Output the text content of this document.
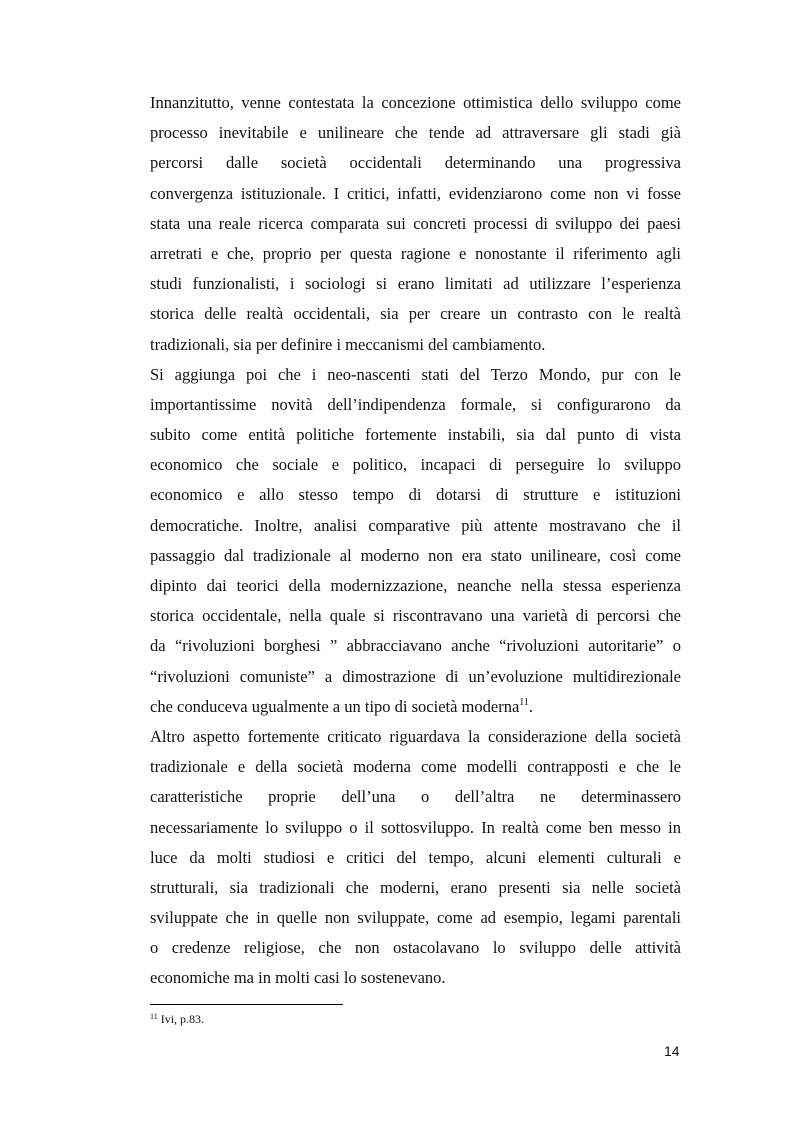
Innanzitutto, venne contestata la concezione ottimistica dello sviluppo come
processo inevitabile e unilineare che tende ad attraversare gli stadi già
percorsi dalle società occidentali determinando una progressiva
convergenza istituzionale. I critici, infatti, evidenziarono come non vi fosse
stata una reale ricerca comparata sui concreti processi di sviluppo dei paesi
arretrati e che, proprio per questa ragione e nonostante il riferimento agli
studi funzionalisti, i sociologi si erano limitati ad utilizzare l’esperienza
storica delle realtà occidentali, sia per creare un contrasto con le realtà
tradizionali, sia per definire i meccanismi del cambiamento.
Si aggiunga poi che i neo-nascenti stati del Terzo Mondo, pur con le
importantissime novità dell’indipendenza formale, si configurarono da
subito come entità politiche fortemente instabili, sia dal punto di vista
economico che sociale e politico, incapaci di perseguire lo sviluppo
economico e allo stesso tempo di dotarsi di strutture e istituzioni
democratiche. Inoltre, analisi comparative più attente mostravano che il
passaggio dal tradizionale al moderno non era stato unilineare, così come
dipinto dai teorici della modernizzazione, neanche nella stessa esperienza
storica occidentale, nella quale si riscontravano una varietà di percorsi che
da “rivoluzioni borghesi ” abbracciavano anche “rivoluzioni autoritarie” o
“rivoluzioni comuniste” a dimostrazione di un’evoluzione multidirezionale
che conduceva ugualmente a un tipo di società moderna$^{11}$.
Altro aspetto fortemente criticato riguardava la considerazione della società
tradizionale e della società moderna come modelli contrapposti e che le
caratteristiche proprie dell’una o dell’altra ne determinassero
necessariamente lo sviluppo o il sottosviluppo. In realtà come ben messo in
luce da molti studiosi e critici del tempo, alcuni elementi culturali e
strutturali, sia tradizionali che moderni, erano presenti sia nelle società
sviluppate che in quelle non sviluppate, come ad esempio, legami parentali
o credenze religiose, che non ostacolavano lo sviluppo delle attività
economiche ma in molti casi lo sostenevano.
$^{11}$ Ivi, p.83.
14
